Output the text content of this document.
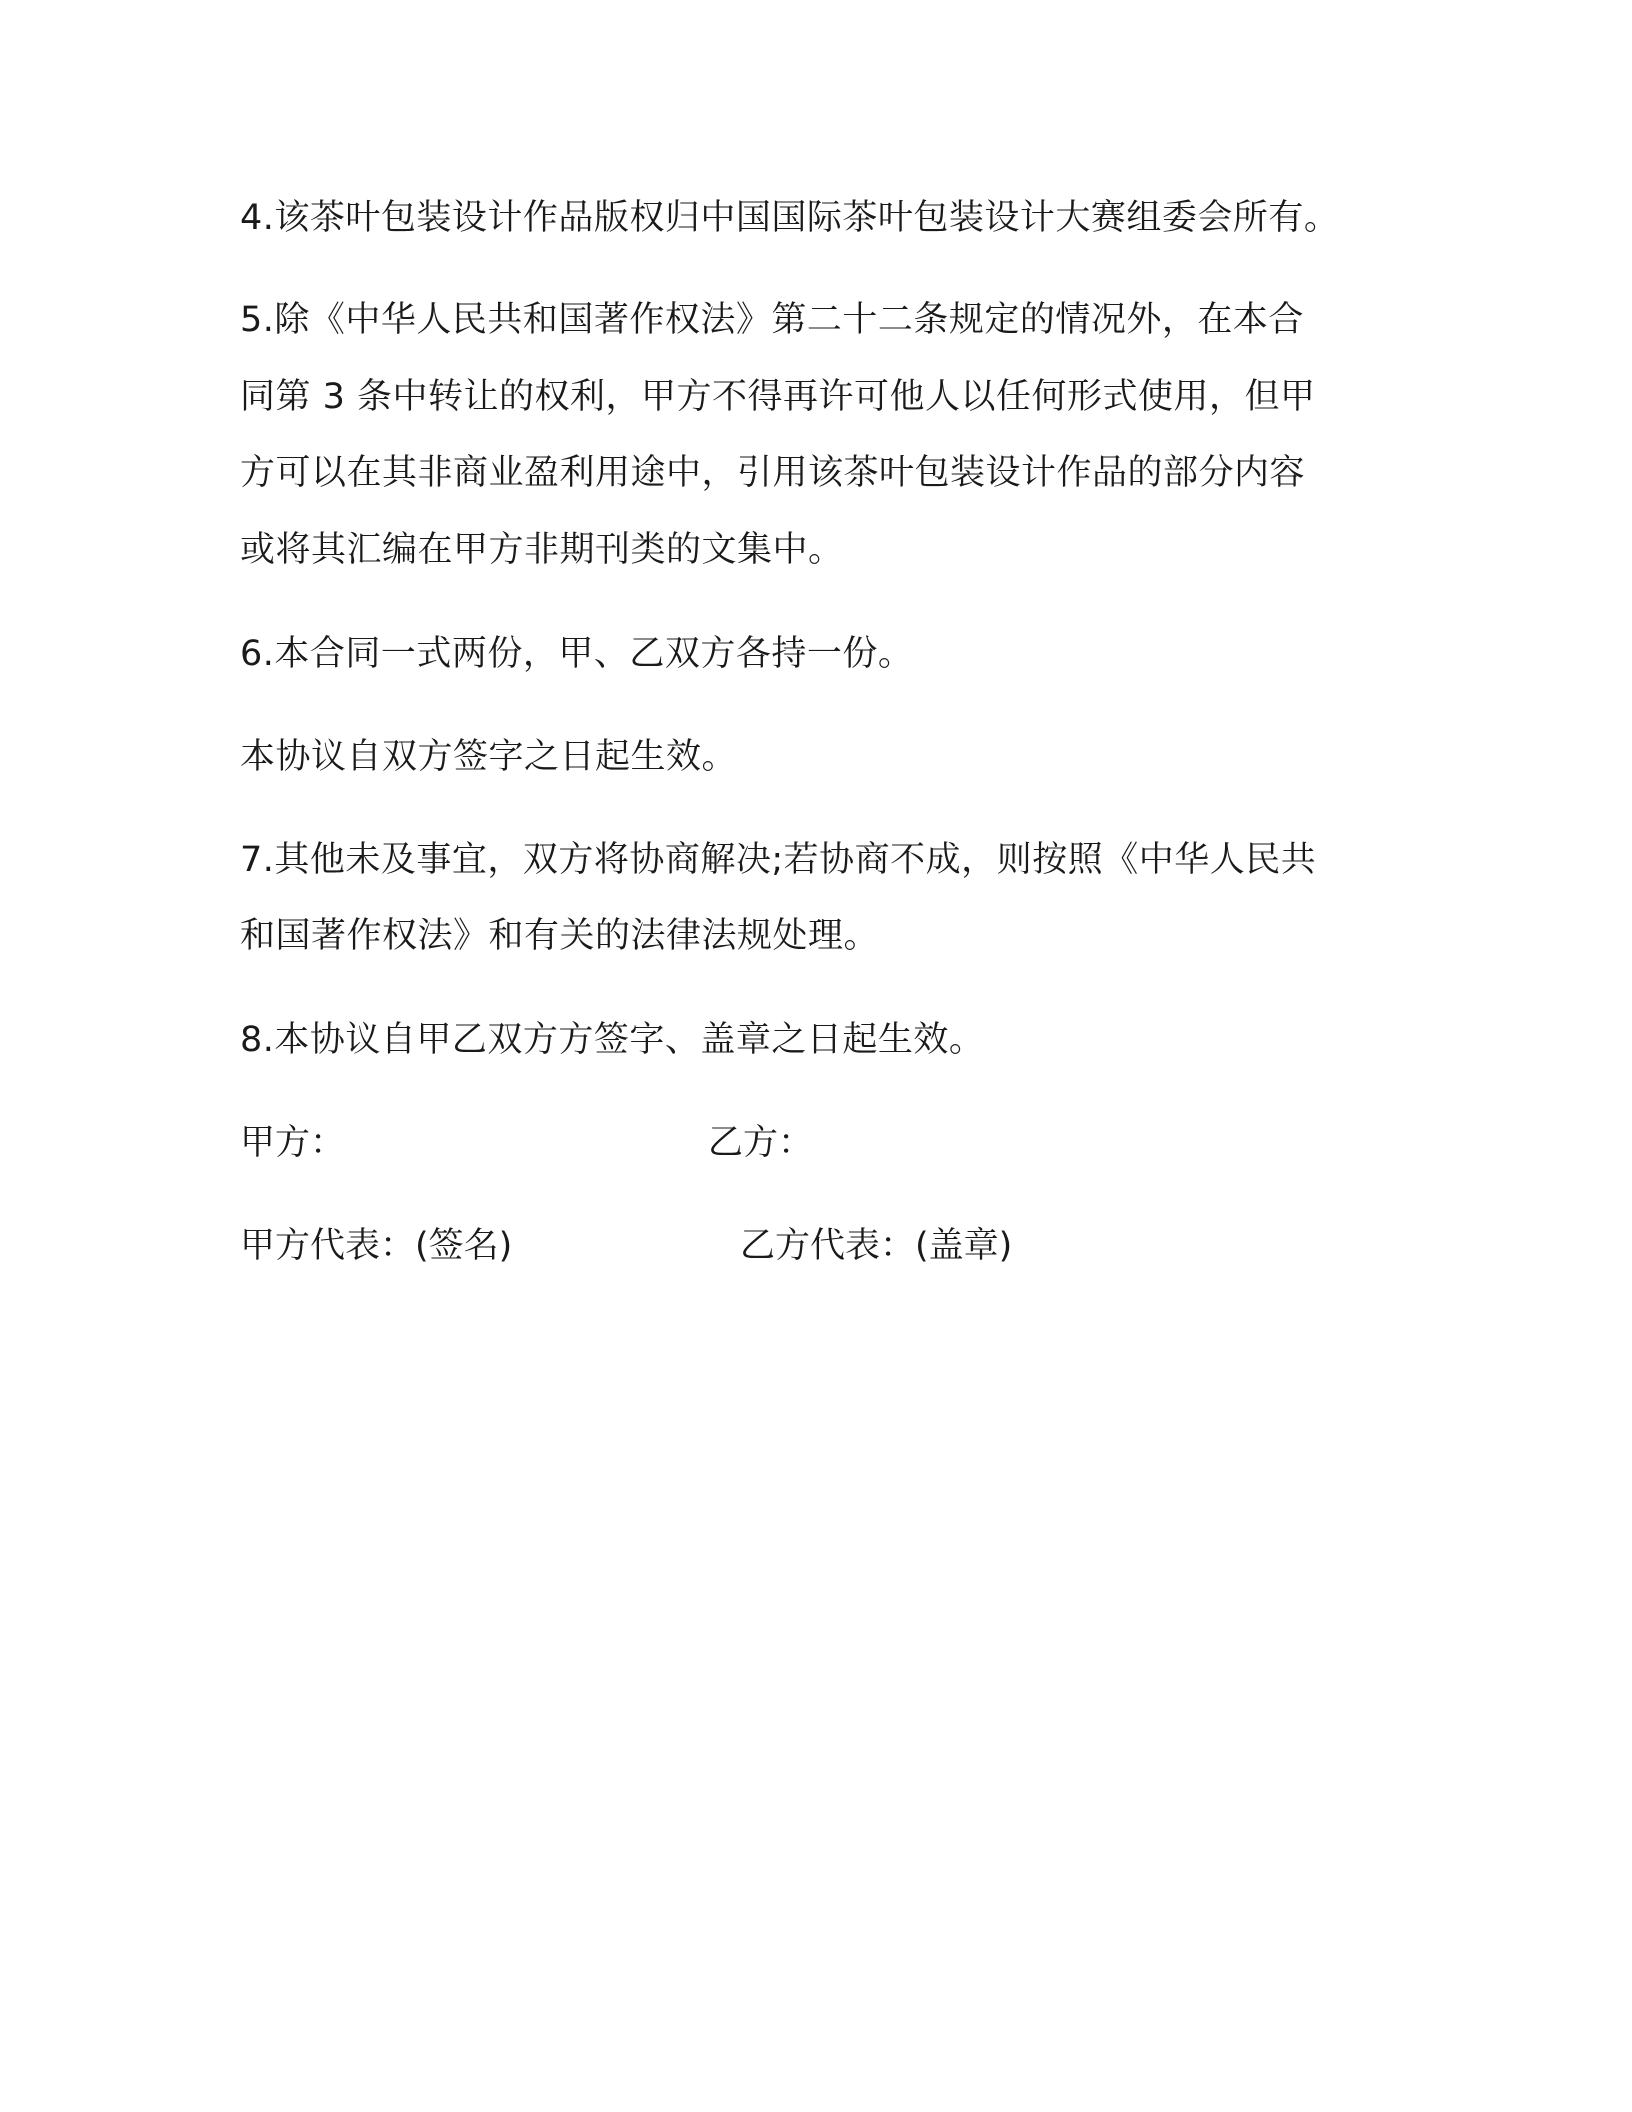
4.该茶叶包装设计作品版权归中国国际茶叶包装设计大赛组委会所有。
5.除《中华人民共和国著作权法》第二十二条规定的情况外，在本合
同第 3 条中转让的权利，甲方不得再许可他人以任何形式使用，但甲
方可以在其非商业盈利用途中，引用该茶叶包装设计作品的部分内容
或将其汇编在甲方非期刊类的文集中。
6.本合同一式两份，甲、乙双方各持一份。
本协议自双方签字之日起生效。
7.其他未及事宜，双方将协商解决;若协商不成，则按照《中华人民共
和国著作权法》和有关的法律法规处理。
8.本协议自甲乙双方方签字、盖章之日起生效。
甲方：	乙方：
甲方代表：(签名)	乙方代表：(盖章)
